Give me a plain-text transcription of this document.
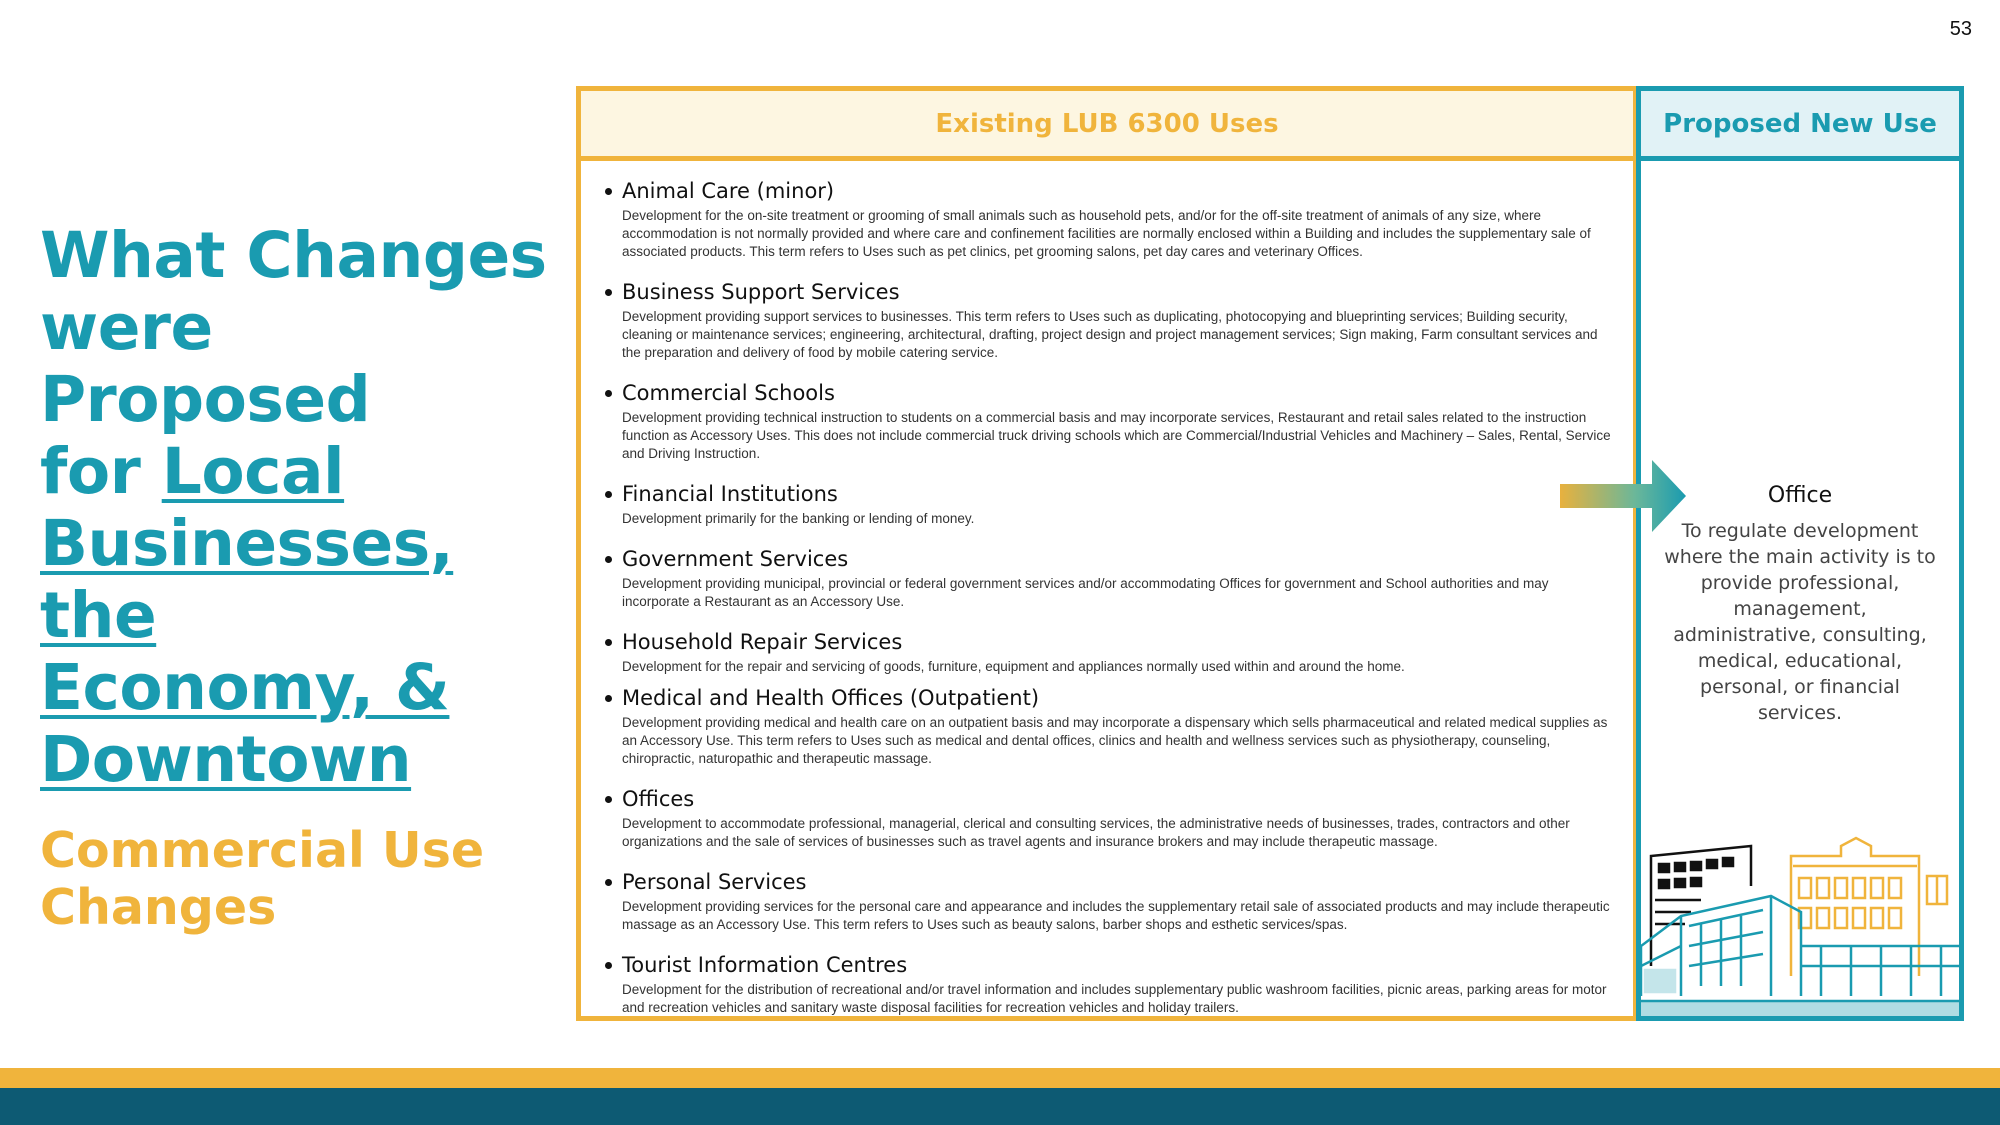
53
What Changes
were Proposed
for Local
Businesses, the
Economy, &
Downtown
Commercial Use
Changes
Existing LUB 6300 Uses
Animal Care (minor)
Development for the on-site treatment or grooming of small animals such as household pets, and/or for the off-site treatment of animals of any size, where accommodation is not normally provided and where care and confinement facilities are normally enclosed within a Building and includes the supplementary sale of associated products. This term refers to Uses such as pet clinics, pet grooming salons, pet day cares and veterinary Offices.
Business Support Services
Development providing support services to businesses. This term refers to Uses such as duplicating, photocopying and blueprinting services; Building security, cleaning or maintenance services; engineering, architectural, drafting, project design and project management services; Sign making, Farm consultant services and the preparation and delivery of food by mobile catering service.
Commercial Schools
Development providing technical instruction to students on a commercial basis and may incorporate services, Restaurant and retail sales related to the instruction function as Accessory Uses. This does not include commercial truck driving schools which are Commercial/Industrial Vehicles and Machinery – Sales, Rental, Service and Driving Instruction.
Financial Institutions
Development primarily for the banking or lending of money.
Government Services
Development providing municipal, provincial or federal government services and/or accommodating Offices for government and School authorities and may incorporate a Restaurant as an Accessory Use.
Household Repair Services
Development for the repair and servicing of goods, furniture, equipment and appliances normally used within and around the home.
Medical and Health Offices (Outpatient)
Development providing medical and health care on an outpatient basis and may incorporate a dispensary which sells pharmaceutical and related medical supplies as an Accessory Use. This term refers to Uses such as medical and dental offices, clinics and health and wellness services such as physiotherapy, counseling, chiropractic, naturopathic and therapeutic massage.
Offices
Development to accommodate professional, managerial, clerical and consulting services, the administrative needs of businesses, trades, contractors and other organizations and the sale of services of businesses such as travel agents and insurance brokers and may include therapeutic massage.
Personal Services
Development providing services for the personal care and appearance and includes the supplementary retail sale of associated products and may include therapeutic massage as an Accessory Use. This term refers to Uses such as beauty salons, barber shops and esthetic services/spas.
Tourist Information Centres
Development for the distribution of recreational and/or travel information and includes supplementary public washroom facilities, picnic areas, parking areas for motor and recreation vehicles and sanitary waste disposal facilities for recreation vehicles and holiday trailers.
Proposed New Use
Office
To regulate development where the main activity is to provide professional, management, administrative, consulting, medical, educational, personal, or financial services.
